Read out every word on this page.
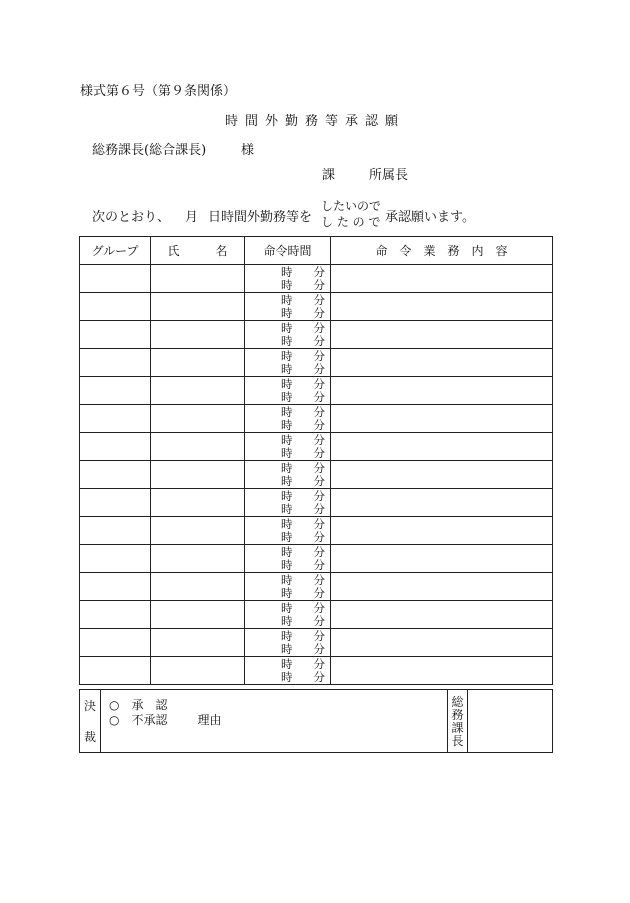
様式第６号（第９条関係）
時間外勤務等承認願
総務課長(総合課長)	様
課	所属長
次のとおり、 月 日時間外勤務等を
したいので
し た の で 承認願います。
グループ	氏　　　名	命令時間	命　令　業　務　内　容

		時 分
時 分	

		時 分
時 分	

		時 分
時 分	

		時 分
時 分	

		時 分
時 分	

		時 分
時 分	

		時 分
時 分	

		時 分
時 分	

		時 分
時 分	

		時 分
時 分	

		時 分
時 分	

		時 分
時 分	

		時 分
時 分	

		時 分
時 分	

		時 分
時 分	

決
裁

○　承　認
○　不承認	理由

総
務
課
長
